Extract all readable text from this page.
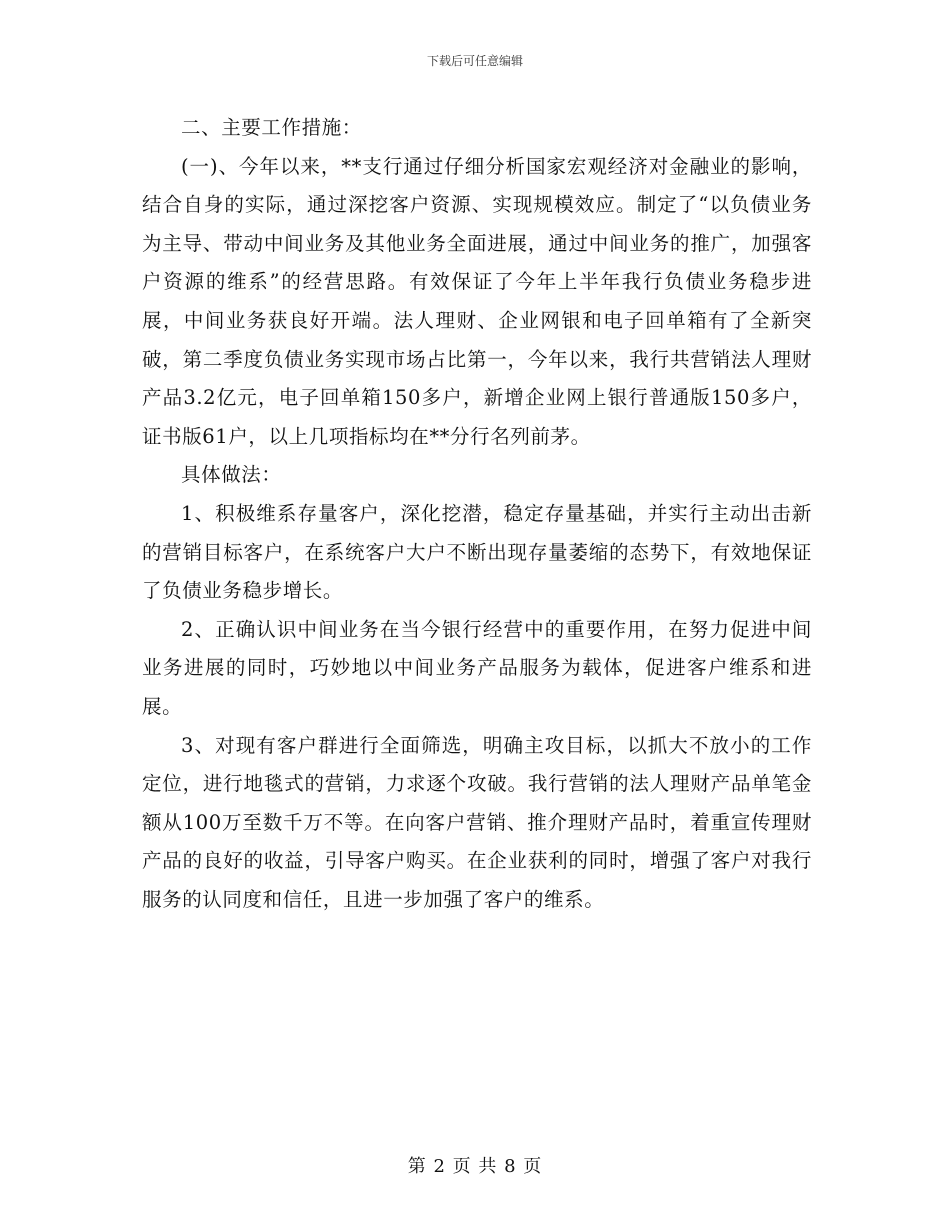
下载后可任意编辑

二、主要工作措施：

(一)、今年以来，**支行通过仔细分析国家宏观经济对金融业的影响，结合自身的实际，通过深挖客户资源、实现规模效应。制定了“以负债业务为主导、带动中间业务及其他业务全面进展，通过中间业务的推广，加强客户资源的维系”的经营思路。有效保证了今年上半年我行负债业务稳步进展，中间业务获良好开端。法人理财、企业网银和电子回单箱有了全新突破，第二季度负债业务实现市场占比第一，今年以来，我行共营销法人理财产品3.2亿元，电子回单箱150多户，新增企业网上银行普通版150多户，证书版61户，以上几项指标均在**分行名列前茅。

具体做法：

1、积极维系存量客户，深化挖潜，稳定存量基础，并实行主动出击新的营销目标客户，在系统客户大户不断出现存量萎缩的态势下，有效地保证了负债业务稳步增长。

2、正确认识中间业务在当今银行经营中的重要作用，在努力促进中间业务进展的同时，巧妙地以中间业务产品服务为载体，促进客户维系和进展。

3、对现有客户群进行全面筛选，明确主攻目标，以抓大不放小的工作定位，进行地毯式的营销，力求逐个攻破。我行营销的法人理财产品单笔金额从100万至数千万不等。在向客户营销、推介理财产品时，着重宣传理财产品的良好的收益，引导客户购买。在企业获利的同时，增强了客户对我行服务的认同度和信任，且进一步加强了客户的维系。

第 2 页 共 8 页
